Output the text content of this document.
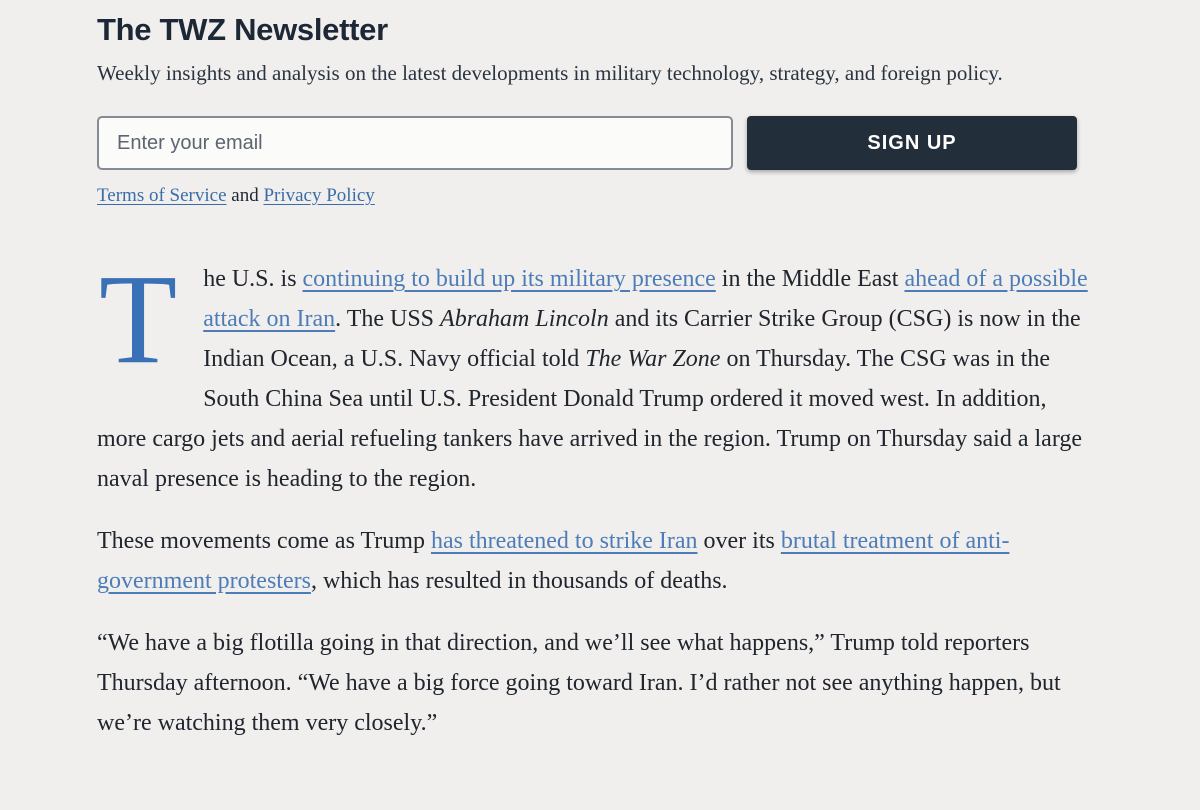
The TWZ Newsletter

Weekly insights and analysis on the latest developments in military technology, strategy, and foreign policy.

Enter your email
SIGN UP
Terms of Service and Privacy Policy

T	he U.S. is continuing to build up its military presence in the Middle East ahead of a possible attack on Iran. The USS Abraham Lincoln and its Carrier Strike Group (CSG) is now in the Indian Ocean, a U.S. Navy official told The War Zone on Thursday. The CSG was in the South China Sea until U.S. President Donald Trump ordered it moved west. In addition, more cargo jets and aerial refueling tankers have arrived in the region. Trump on Thursday said a large naval presence is heading to the region.

These movements come as Trump has threatened to strike Iran over its brutal treatment of anti-government protesters, which has resulted in thousands of deaths.

“We have a big flotilla going in that direction, and we’ll see what happens,” Trump told reporters Thursday afternoon. “We have a big force going toward Iran. I’d rather not see anything happen, but we’re watching them very closely.”
